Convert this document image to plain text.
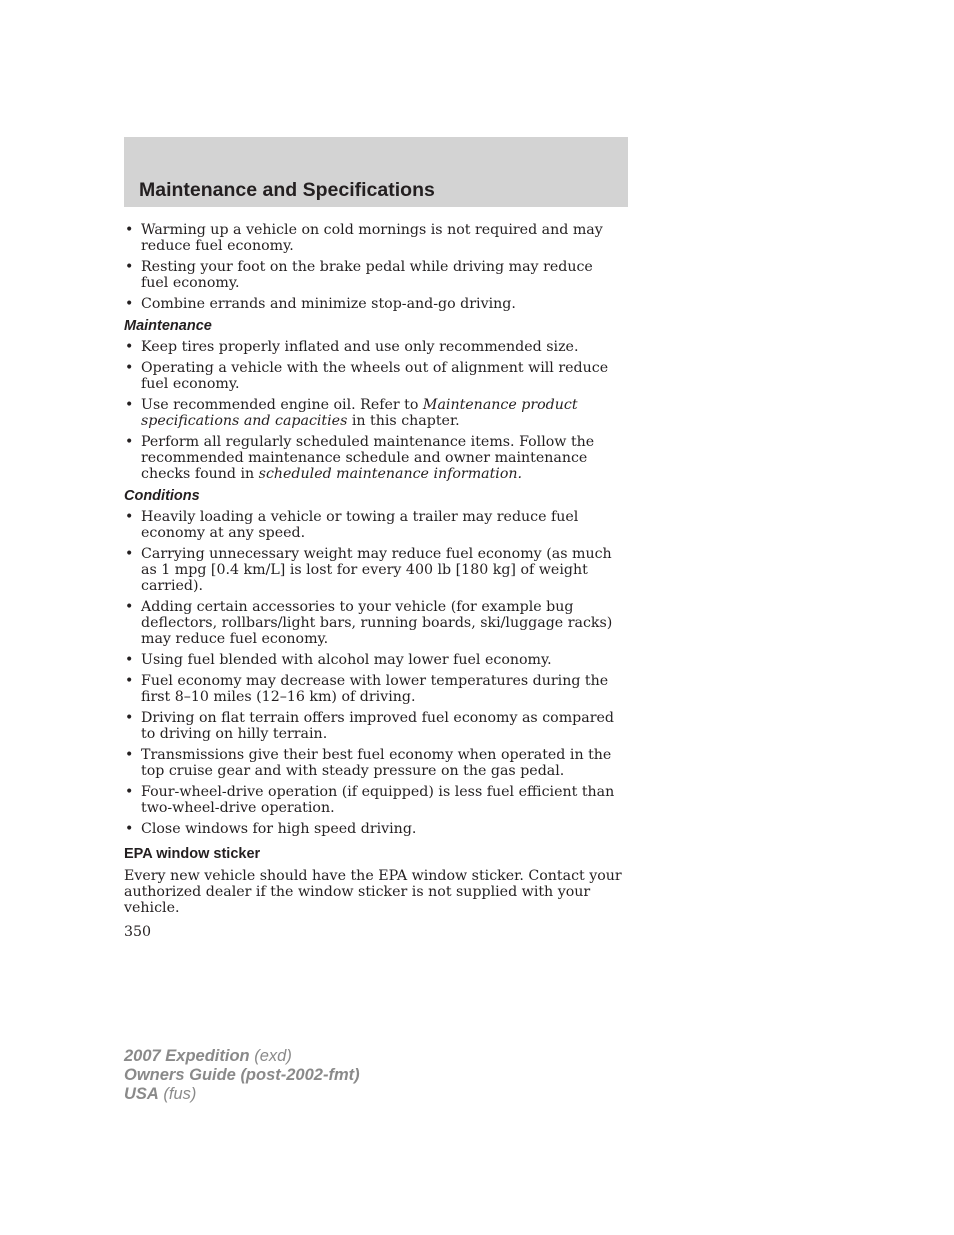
Maintenance and Specifications
• Warming up a vehicle on cold mornings is not required and may reduce fuel economy.
• Resting your foot on the brake pedal while driving may reduce fuel economy.
• Combine errands and minimize stop-and-go driving.
Maintenance
• Keep tires properly inflated and use only recommended size.
• Operating a vehicle with the wheels out of alignment will reduce fuel economy.
• Use recommended engine oil. Refer to Maintenance product specifications and capacities in this chapter.
• Perform all regularly scheduled maintenance items. Follow the recommended maintenance schedule and owner maintenance checks found in scheduled maintenance information.
Conditions
• Heavily loading a vehicle or towing a trailer may reduce fuel economy at any speed.
• Carrying unnecessary weight may reduce fuel economy (as much as 1 mpg [0.4 km/L] is lost for every 400 lb [180 kg] of weight carried).
• Adding certain accessories to your vehicle (for example bug deflectors, rollbars/light bars, running boards, ski/luggage racks) may reduce fuel economy.
• Using fuel blended with alcohol may lower fuel economy.
• Fuel economy may decrease with lower temperatures during the first 8–10 miles (12–16 km) of driving.
• Driving on flat terrain offers improved fuel economy as compared to driving on hilly terrain.
• Transmissions give their best fuel economy when operated in the top cruise gear and with steady pressure on the gas pedal.
• Four-wheel-drive operation (if equipped) is less fuel efficient than two-wheel-drive operation.
• Close windows for high speed driving.
EPA window sticker

Every new vehicle should have the EPA window sticker. Contact your authorized dealer if the window sticker is not supplied with your vehicle.

350

2007 Expedition (exd)
Owners Guide (post-2002-fmt)
USA (fus)
